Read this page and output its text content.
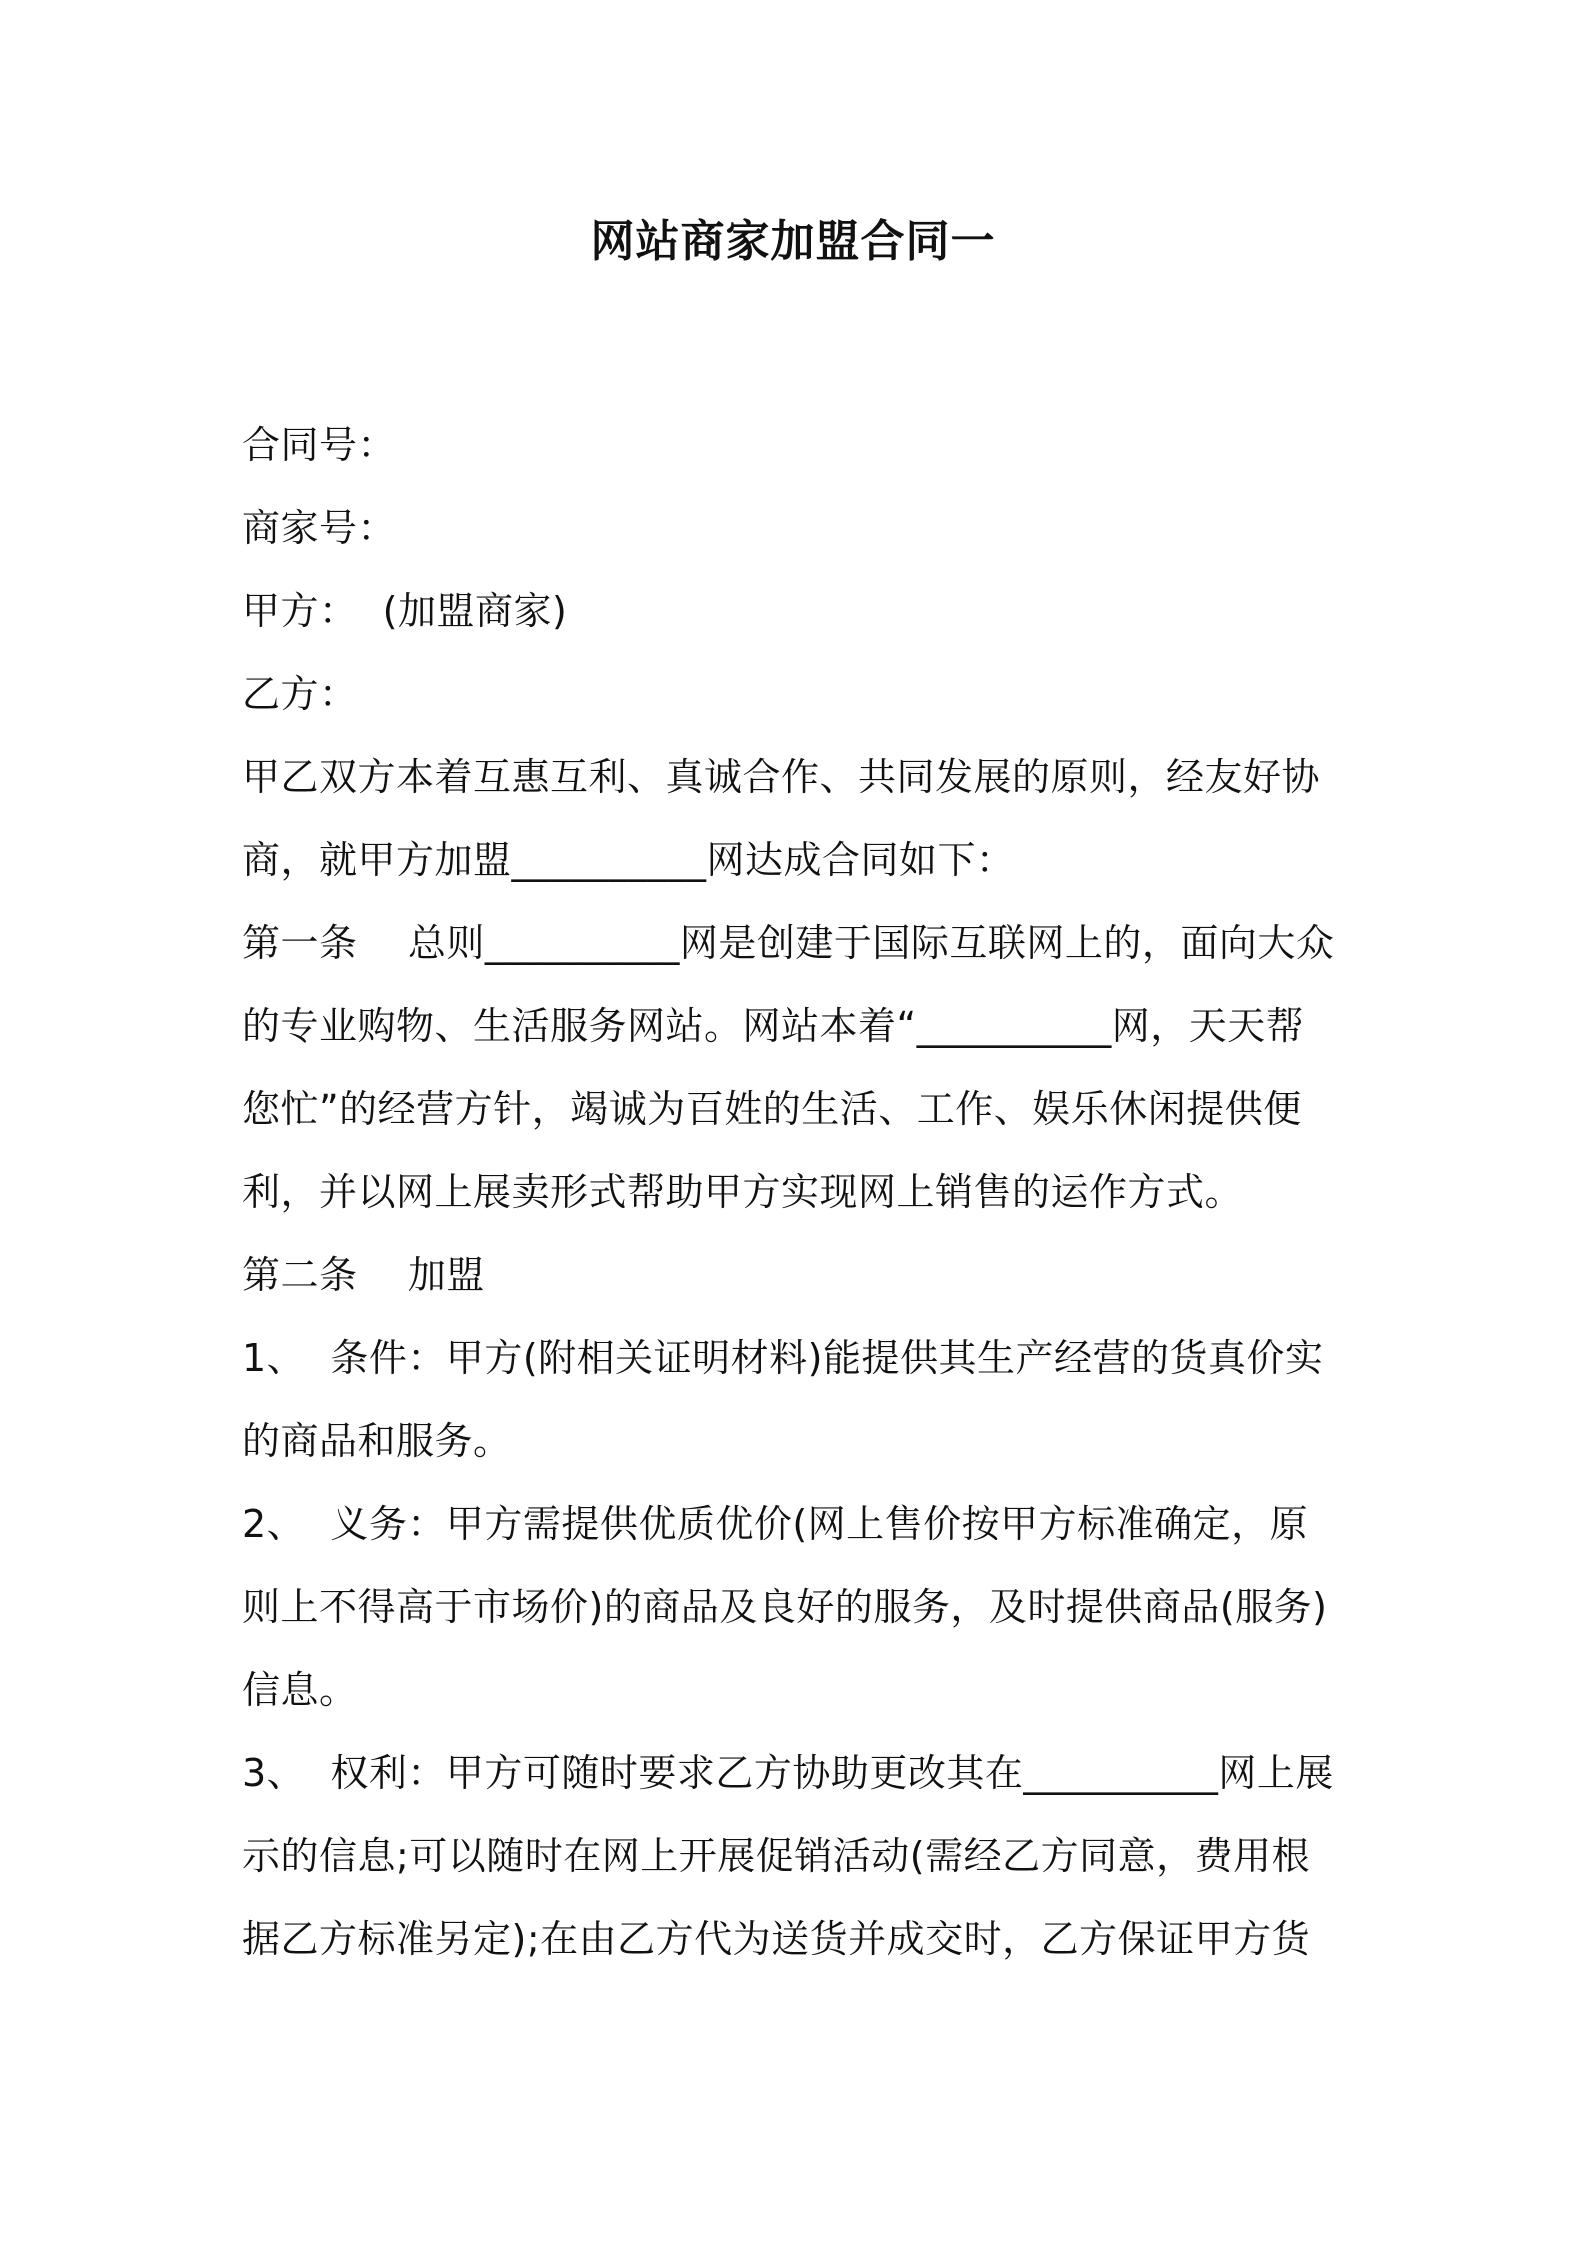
网站商家加盟合同一
合同号：
商家号：
甲方：  (加盟商家)
乙方：
甲乙双方本着互惠互利、真诚合作、共同发展的原则，经友好协
商，就甲方加盟__________网达成合同如下：
第一条    总则__________网是创建于国际互联网上的，面向大众
的专业购物、生活服务网站。网站本着“__________网，天天帮
您忙”的经营方针，竭诚为百姓的生活、工作、娱乐休闲提供便
利，并以网上展卖形式帮助甲方实现网上销售的运作方式。
第二条    加盟
1、  条件：甲方(附相关证明材料)能提供其生产经营的货真价实
的商品和服务。
2、  义务：甲方需提供优质优价(网上售价按甲方标准确定，原
则上不得高于市场价)的商品及良好的服务，及时提供商品(服务)
信息。
3、  权利：甲方可随时要求乙方协助更改其在__________网上展
示的信息;可以随时在网上开展促销活动(需经乙方同意，费用根
据乙方标准另定);在由乙方代为送货并成交时，乙方保证甲方货
